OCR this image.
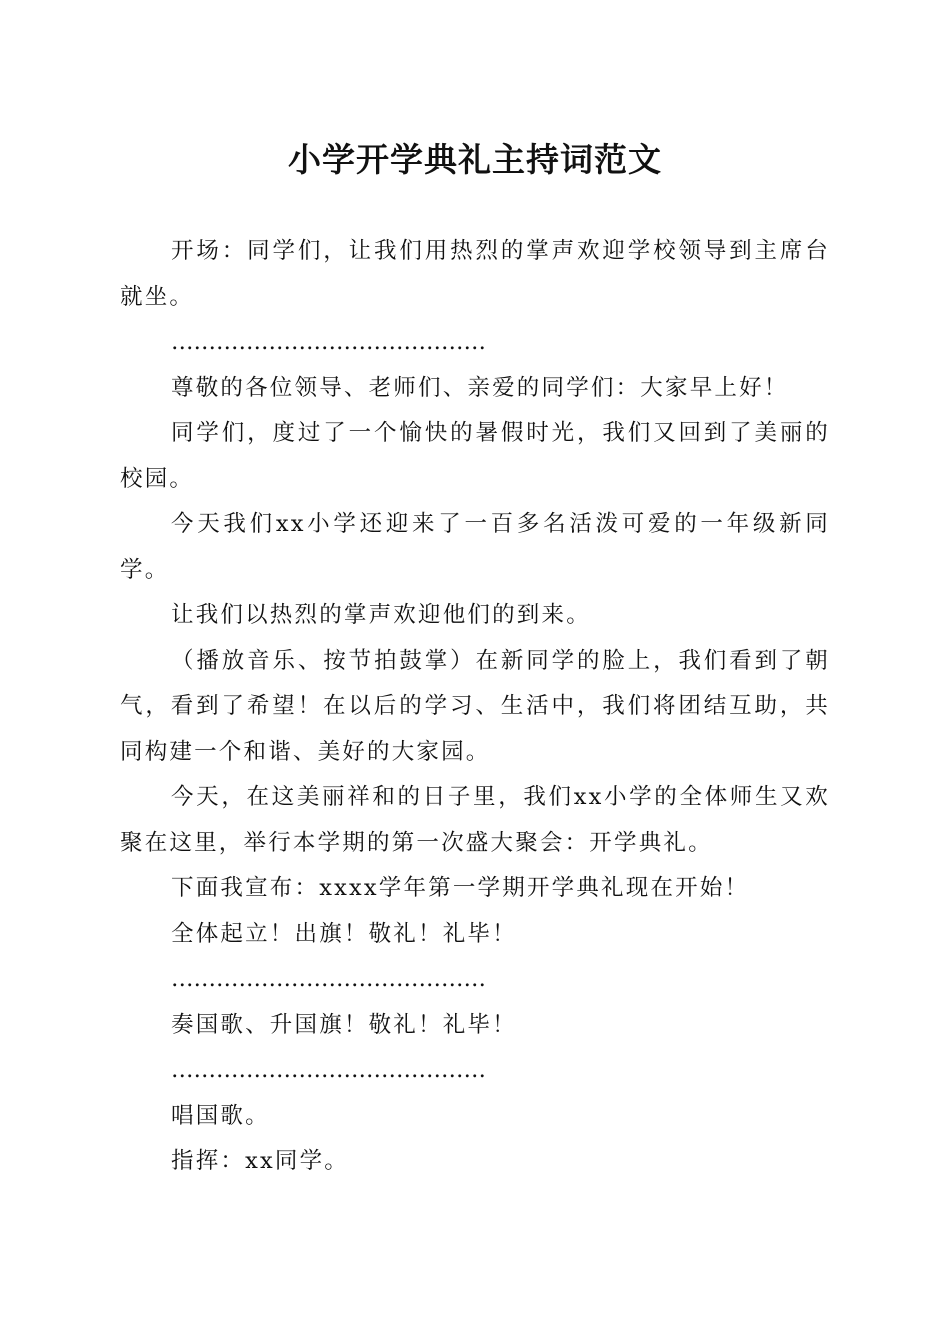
小学开学典礼主持词范文

开场：同学们，让我们用热烈的掌声欢迎学校领导到主席台就坐。

……………………………………

尊敬的各位领导、老师们、亲爱的同学们：大家早上好！

同学们，度过了一个愉快的暑假时光，我们又回到了美丽的校园。

今天我们xx小学还迎来了一百多名活泼可爱的一年级新同学。

让我们以热烈的掌声欢迎他们的到来。

（播放音乐、按节拍鼓掌）在新同学的脸上，我们看到了朝气，看到了希望！在以后的学习、生活中，我们将团结互助，共同构建一个和谐、美好的大家园。

今天，在这美丽祥和的日子里，我们xx小学的全体师生又欢聚在这里，举行本学期的第一次盛大聚会：开学典礼。

下面我宣布：xxxx学年第一学期开学典礼现在开始！

全体起立！出旗！敬礼！礼毕！

……………………………………

奏国歌、升国旗！敬礼！礼毕！

……………………………………

唱国歌。

指挥：xx同学。
